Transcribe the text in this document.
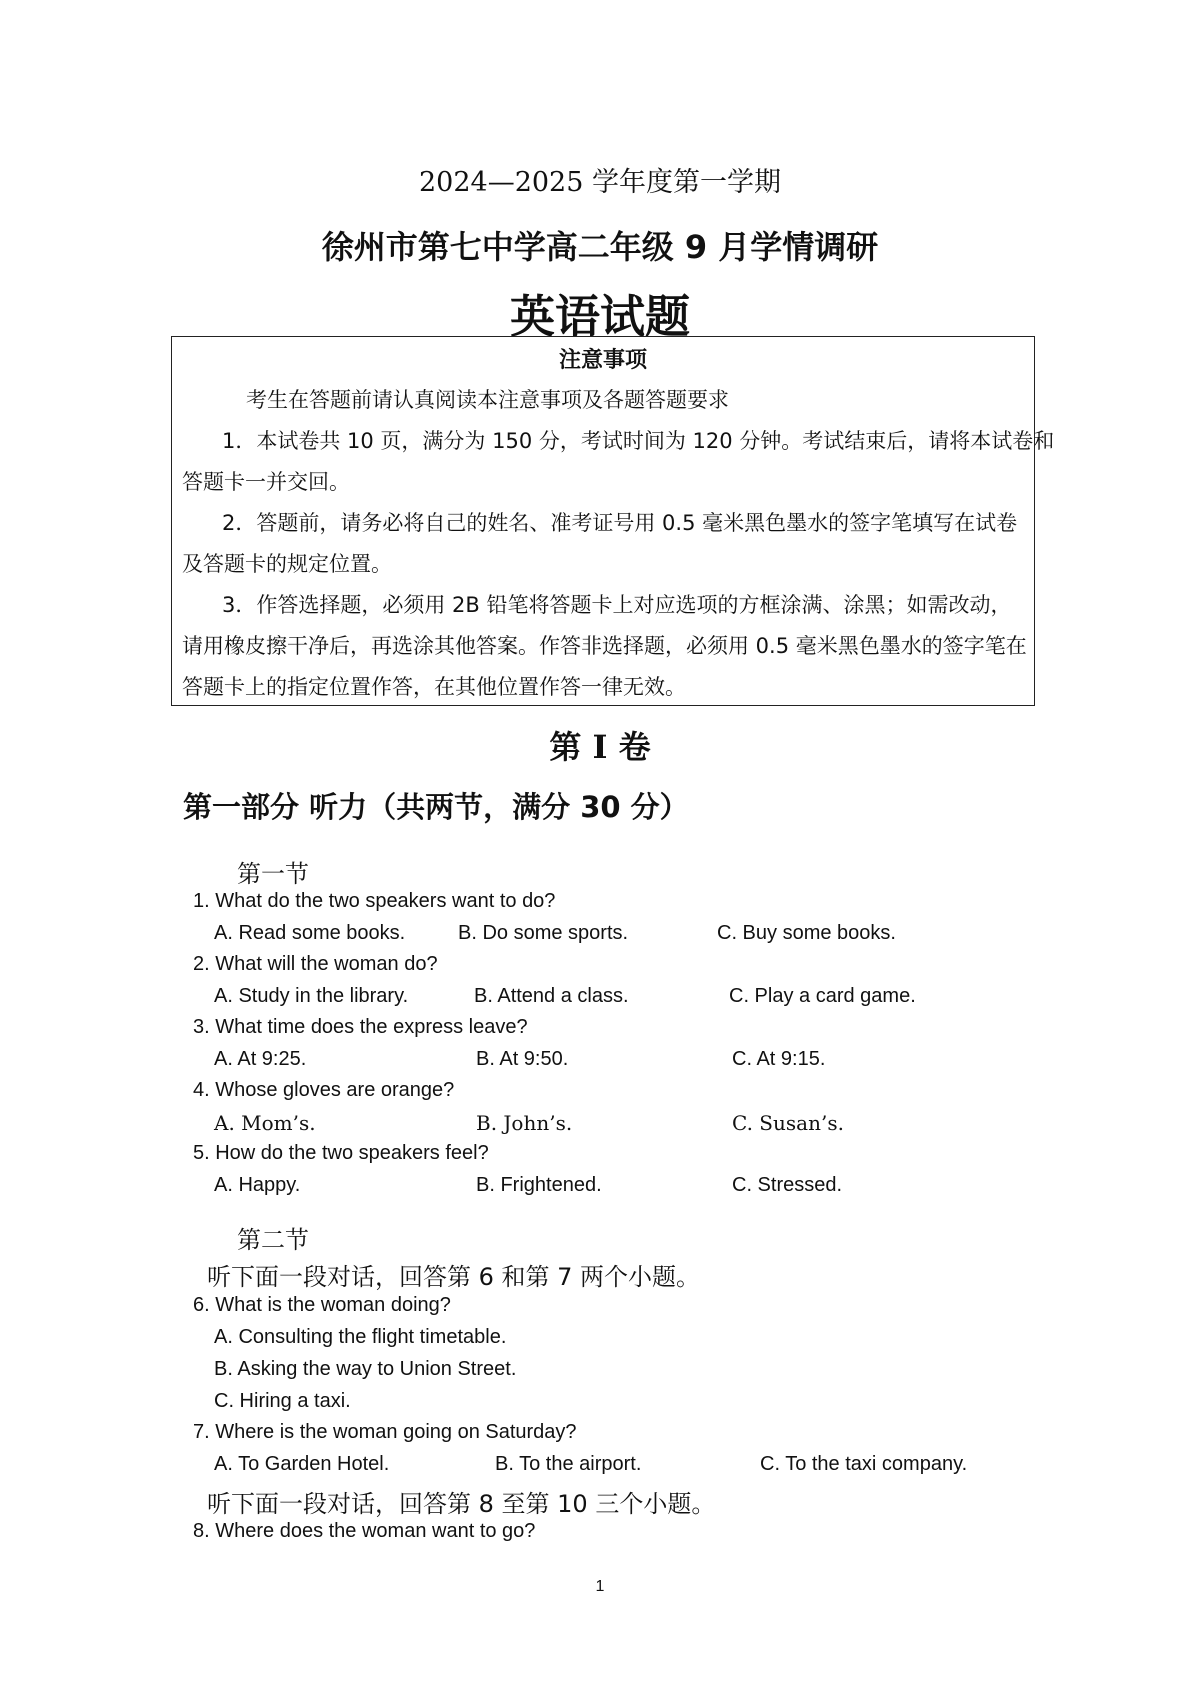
2024—2025 学年度第一学期
徐州市第七中学高二年级 9 月学情调研
英语试题
注意事项
考生在答题前请认真阅读本注意事项及各题答题要求
1．本试卷共 10 页，满分为 150 分，考试时间为 120 分钟。考试结束后，请将本试卷和
答题卡一并交回。
2．答题前，请务必将自己的姓名、准考证号用 0.5 毫米黑色墨水的签字笔填写在试卷
及答题卡的规定位置。
3．作答选择题，必须用 2B 铅笔将答题卡上对应选项的方框涂满、涂黑；如需改动，
请用橡皮擦干净后，再选涂其他答案。作答非选择题，必须用 0.5 毫米黑色墨水的签字笔在
答题卡上的指定位置作答，在其他位置作答一律无效。
第 I 卷
第一部分 听力（共两节，满分 30 分）
第一节
1. What do the two speakers want to do?
A. Read some books.	B. Do some sports.	C. Buy some books.
2. What will the woman do?
A. Study in the library.	B. Attend a class.	C. Play a card game.
3. What time does the express leave?
A. At 9:25.	B. At 9:50.	C. At 9:15.
4. Whose gloves are orange?
A. Mom’s.	B. John’s.	C. Susan’s.
5. How do the two speakers feel?
A. Happy.	B. Frightened.	C. Stressed.
第二节
听下面一段对话，回答第 6 和第 7 两个小题。
6. What is the woman doing?
A. Consulting the flight timetable.
B. Asking the way to Union Street.
C. Hiring a taxi.
7. Where is the woman going on Saturday?
A. To Garden Hotel.	B. To the airport.	C. To the taxi company.
听下面一段对话，回答第 8 至第 10 三个小题。
8. Where does the woman want to go?
1
